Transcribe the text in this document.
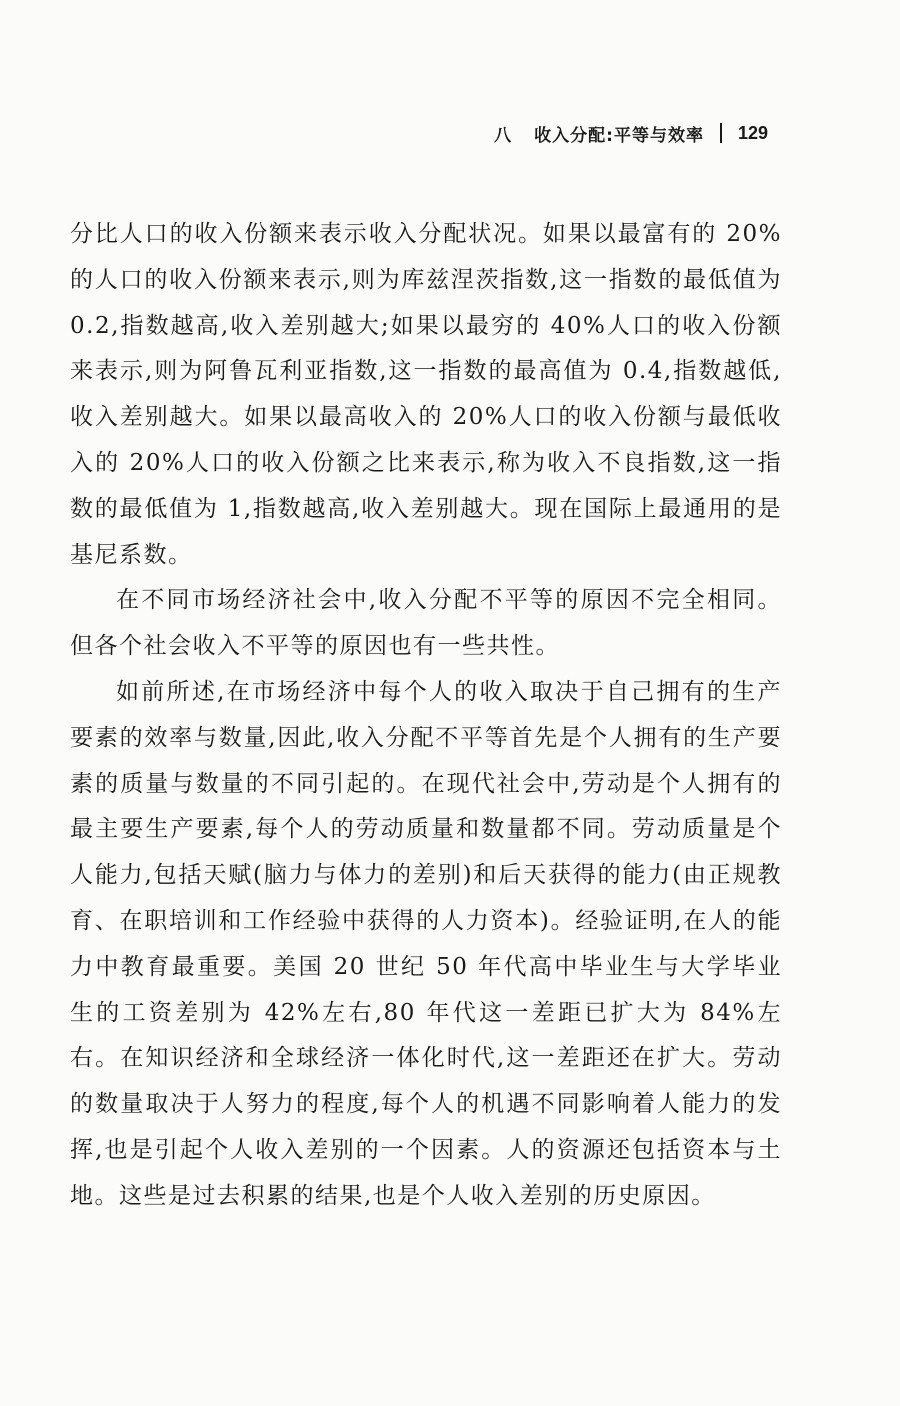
八 收入分配:平等与效率 129

分比人口的收入份额来表示收入分配状况。如果以最富有的 20%的人口的收入份额来表示,则为库兹涅茨指数,这一指数的最低值为 0.2,指数越高,收入差别越大;如果以最穷的 40%人口的收入份额来表示,则为阿鲁瓦利亚指数,这一指数的最高值为 0.4,指数越低,收入差别越大。如果以最高收入的 20%人口的收入份额与最低收入的 20%人口的收入份额之比来表示,称为收入不良指数,这一指数的最低值为 1,指数越高,收入差别越大。现在国际上最通用的是基尼系数。

在不同市场经济社会中,收入分配不平等的原因不完全相同。但各个社会收入不平等的原因也有一些共性。

如前所述,在市场经济中每个人的收入取决于自己拥有的生产要素的效率与数量,因此,收入分配不平等首先是个人拥有的生产要素的质量与数量的不同引起的。在现代社会中,劳动是个人拥有的最主要生产要素,每个人的劳动质量和数量都不同。劳动质量是个人能力,包括天赋(脑力与体力的差别)和后天获得的能力(由正规教育、在职培训和工作经验中获得的人力资本)。经验证明,在人的能力中教育最重要。美国 20 世纪 50 年代高中毕业生与大学毕业生的工资差别为 42%左右,80 年代这一差距已扩大为 84%左右。在知识经济和全球经济一体化时代,这一差距还在扩大。劳动的数量取决于人努力的程度,每个人的机遇不同影响着人能力的发挥,也是引起个人收入差别的一个因素。人的资源还包括资本与土地。这些是过去积累的结果,也是个人收入差别的历史原因。
